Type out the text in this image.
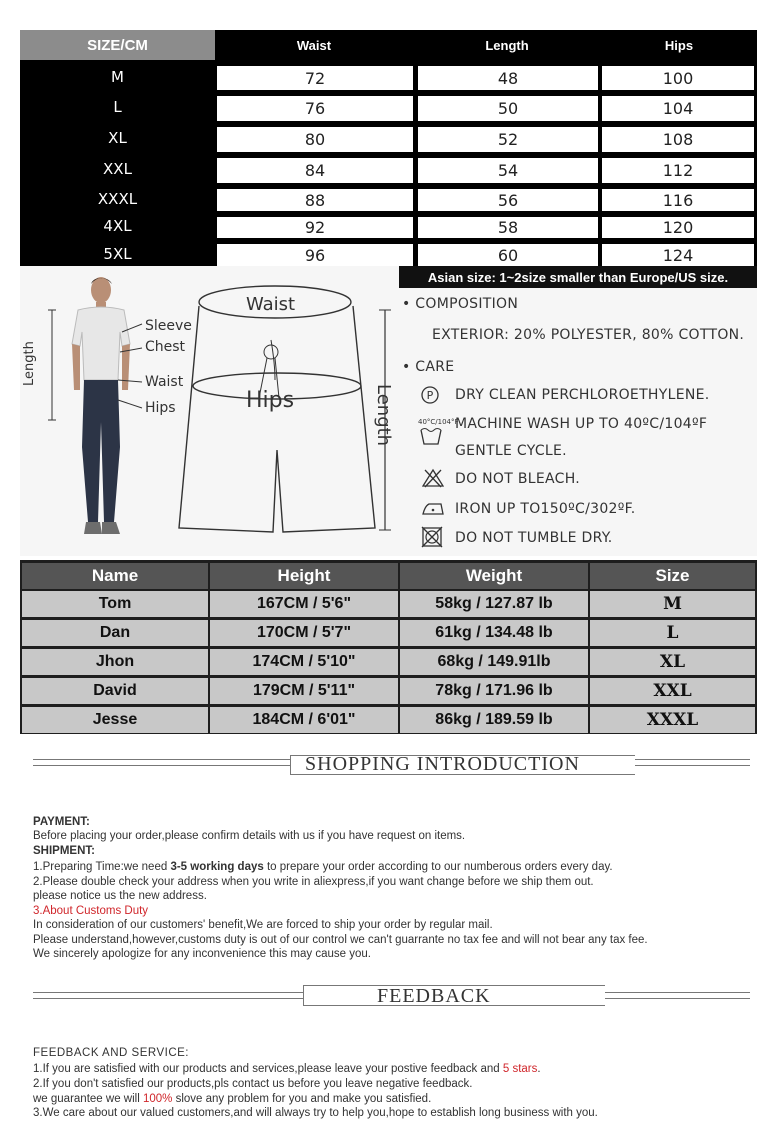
SIZE/CM	Waist	Length	Hips
M	72	48	100
L	76	50	104
XL	80	52	108
XXL	84	54	112
XXXL	88	56	116
4XL	92	58	120
5XL	96	60	124
Asian size: 1~2size smaller than Europe/US size.
Length
Sleeve
Chest
Waist
Hips
Waist
Hips	Length
• COMPOSITION
EXTERIOR: 20% POLYESTER, 80% COTTON.
• CARE
P DRY CLEAN PERCHLOROETHYLENE.
40°C/104°F
MACHINE WASH UP TO 40ºC/104ºF
GENTLE CYCLE.
DO NOT BLEACH.
IRON UP TO150ºC/302ºF.
DO NOT TUMBLE DRY.
Name	Height	Weight	Size
Tom	167CM / 5'6"	58kg / 127.87 lb	M
Dan	170CM / 5'7"	61kg / 134.48 lb	L
Jhon	174CM / 5'10"	68kg / 149.91lb	XL
David	179CM / 5'11"	78kg / 171.96 lb	XXL
Jesse	184CM / 6'01"	86kg / 189.59 lb	XXXL
SHOPPING INTRODUCTION
PAYMENT:
Before placing your order,please confirm details with us if you have request on items.
SHIPMENT:
1.Preparing Time:we need 3-5 working days to prepare your order according to our numberous orders every day.
2.Please double check your address when you write in aliexpress,if you want change before we ship them out.
please notice us the new address.
3.About Customs Duty
In consideration of our customers' benefit,We are forced to ship your order by regular mail.
Please understand,however,customs duty is out of our control we can't guarrante no tax fee and will not bear any tax fee.
We sincerely apologize for any inconvenience this may cause you.
FEEDBACK
FEEDBACK AND SERVICE:
1.If you are satisfied with our products and services,please leave your postive feedback and 5 stars.
2.If you don't satisfied our products,pls contact us before you leave negative feedback.
we guarantee we will 100% slove any problem for you and make you satisfied.
3.We care about our valued customers,and will always try to help you,hope to establish long business with you.
